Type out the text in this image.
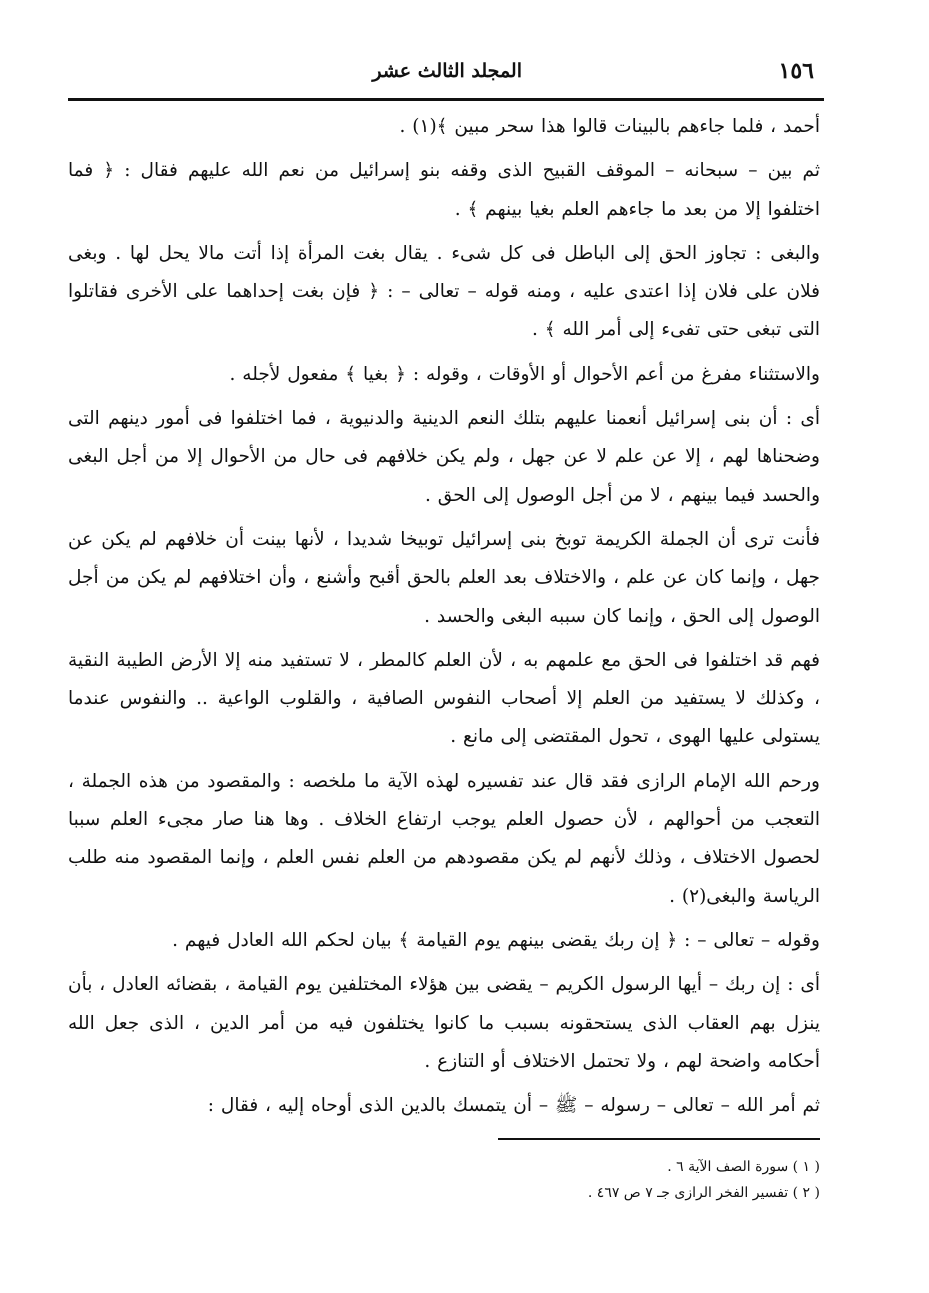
١٥٦
المجلد الثالث عشر

أحمد ، فلما جاءهم بالبينات قالوا هذا سحر مبين ﴾(١) .

ثم بين – سبحانه – الموقف القبيح الذى وقفه بنو إسرائيل من نعم الله عليهم فقال : ﴿ فما اختلفوا إلا من بعد ما جاءهم العلم بغيا بينهم ﴾ .

والبغى : تجاوز الحق إلى الباطل فى كل شىء . يقال بغت المرأة إذا أتت مالا يحل لها . وبغى فلان على فلان إذا اعتدى عليه ، ومنه قوله – تعالى – : ﴿ فإن بغت إحداهما على الأخرى فقاتلوا التى تبغى حتى تفىء إلى أمر الله ﴾ .

والاستثناء مفرغ من أعم الأحوال أو الأوقات ، وقوله : ﴿ بغيا ﴾ مفعول لأجله .

أى : أن بنى إسرائيل أنعمنا عليهم بتلك النعم الدينية والدنيوية ، فما اختلفوا فى أمور دينهم التى وضحناها لهم ، إلا عن علم لا عن جهل ، ولم يكن خلافهم فى حال من الأحوال إلا من أجل البغى والحسد فيما بينهم ، لا من أجل الوصول إلى الحق .

فأنت ترى أن الجملة الكريمة توبخ بنى إسرائيل توبيخا شديدا ، لأنها بينت أن خلافهم لم يكن عن جهل ، وإنما كان عن علم ، والاختلاف بعد العلم بالحق أقبح وأشنع ، وأن اختلافهم لم يكن من أجل الوصول إلى الحق ، وإنما كان سببه البغى والحسد .

فهم قد اختلفوا فى الحق مع علمهم به ، لأن العلم كالمطر ، لا تستفيد منه إلا الأرض الطيبة النقية ، وكذلك لا يستفيد من العلم إلا أصحاب النفوس الصافية ، والقلوب الواعية .. والنفوس عندما يستولى عليها الهوى ، تحول المقتضى إلى مانع .

ورحم الله الإمام الرازى فقد قال عند تفسيره لهذه الآية ما ملخصه : والمقصود من هذه الجملة ، التعجب من أحوالهم ، لأن حصول العلم يوجب ارتفاع الخلاف . وها هنا صار مجىء العلم سببا لحصول الاختلاف ، وذلك لأنهم لم يكن مقصودهم من العلم نفس العلم ، وإنما المقصود منه طلب الرياسة والبغى(٢) .

وقوله – تعالى – : ﴿ إن ربك يقضى بينهم يوم القيامة ﴾ بيان لحكم الله العادل فيهم .

أى : إن ربك – أيها الرسول الكريم – يقضى بين هؤلاء المختلفين يوم القيامة ، بقضائه العادل ، بأن ينزل بهم العقاب الذى يستحقونه بسبب ما كانوا يختلفون فيه من أمر الدين ، الذى جعل الله أحكامه واضحة لهم ، ولا تحتمل الاختلاف أو التنازع .

ثم أمر الله – تعالى – رسوله – ﷺ – أن يتمسك بالدين الذى أوحاه إليه ، فقال :

( ١ ) سورة الصف الآية ٦ .

( ٢ ) تفسير الفخر الرازى جـ ٧ ص ٤٦٧ .
